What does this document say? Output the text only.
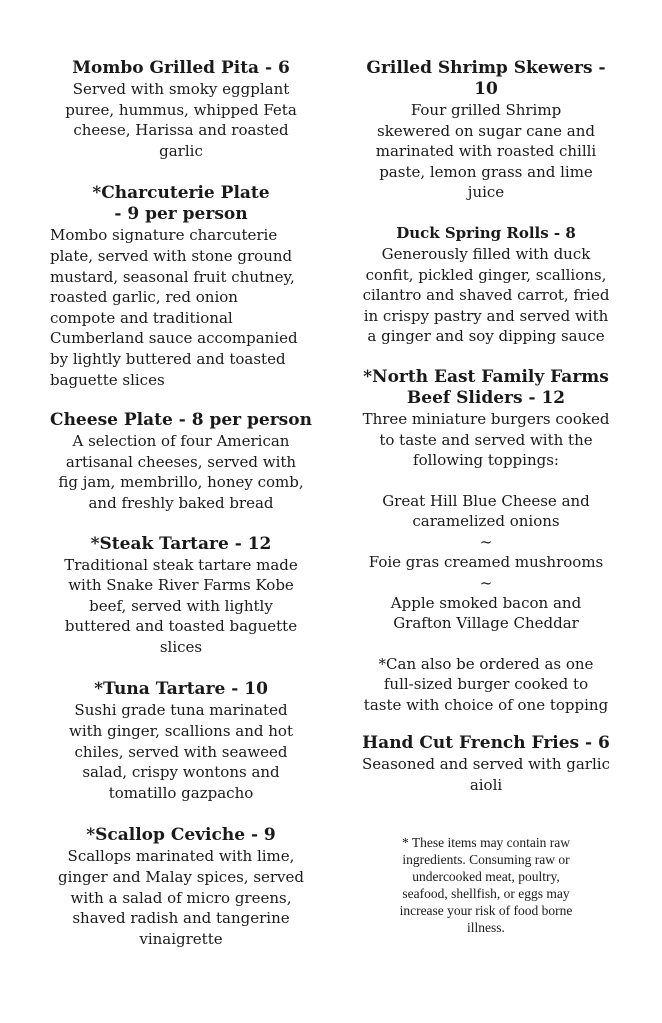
Mombo Grilled Pita - 6
Served with smoky eggplant
puree, hummus, whipped Feta
cheese, Harissa and roasted
garlic
*Charcuterie Plate
- 9 per person
Mombo signature charcuterie
plate, served with stone ground
mustard, seasonal fruit chutney,
roasted garlic, red onion
compote and traditional
Cumberland sauce accompanied
by lightly buttered and toasted
baguette slices
Cheese Plate - 8 per person
A selection of four American
artisanal cheeses, served with
fig jam, membrillo, honey comb,
and freshly baked bread
*Steak Tartare - 12
Traditional steak tartare made
with Snake River Farms Kobe
beef, served with lightly
buttered and toasted baguette
slices
*Tuna Tartare - 10
Sushi grade tuna marinated
with ginger, scallions and hot
chiles, served with seaweed
salad, crispy wontons and
tomatillo gazpacho
*Scallop Ceviche - 9
Scallops marinated with lime,
ginger and Malay spices, served
with a salad of micro greens,
shaved radish and tangerine
vinaigrette
Grilled Shrimp Skewers - 10
Four grilled Shrimp
skewered on sugar cane and
marinated with roasted chilli
paste, lemon grass and lime
juice
Duck Spring Rolls - 8
Generously filled with duck
confit, pickled ginger, scallions,
cilantro and shaved carrot, fried
in crispy pastry and served with
a ginger and soy dipping sauce
*North East Family Farms
Beef Sliders - 12
Three miniature burgers cooked
to taste and served with the
following toppings:
Great Hill Blue Cheese and
caramelized onions
~
Foie gras creamed mushrooms
~
Apple smoked bacon and
Grafton Village Cheddar
*Can also be ordered as one
full-sized burger cooked to
taste with choice of one topping
Hand Cut French Fries - 6
Seasoned and served with garlic
aioli
* These items may contain raw
ingredients. Consuming raw or
undercooked meat, poultry,
seafood, shellfish, or eggs may
increase your risk of food borne
illness.
